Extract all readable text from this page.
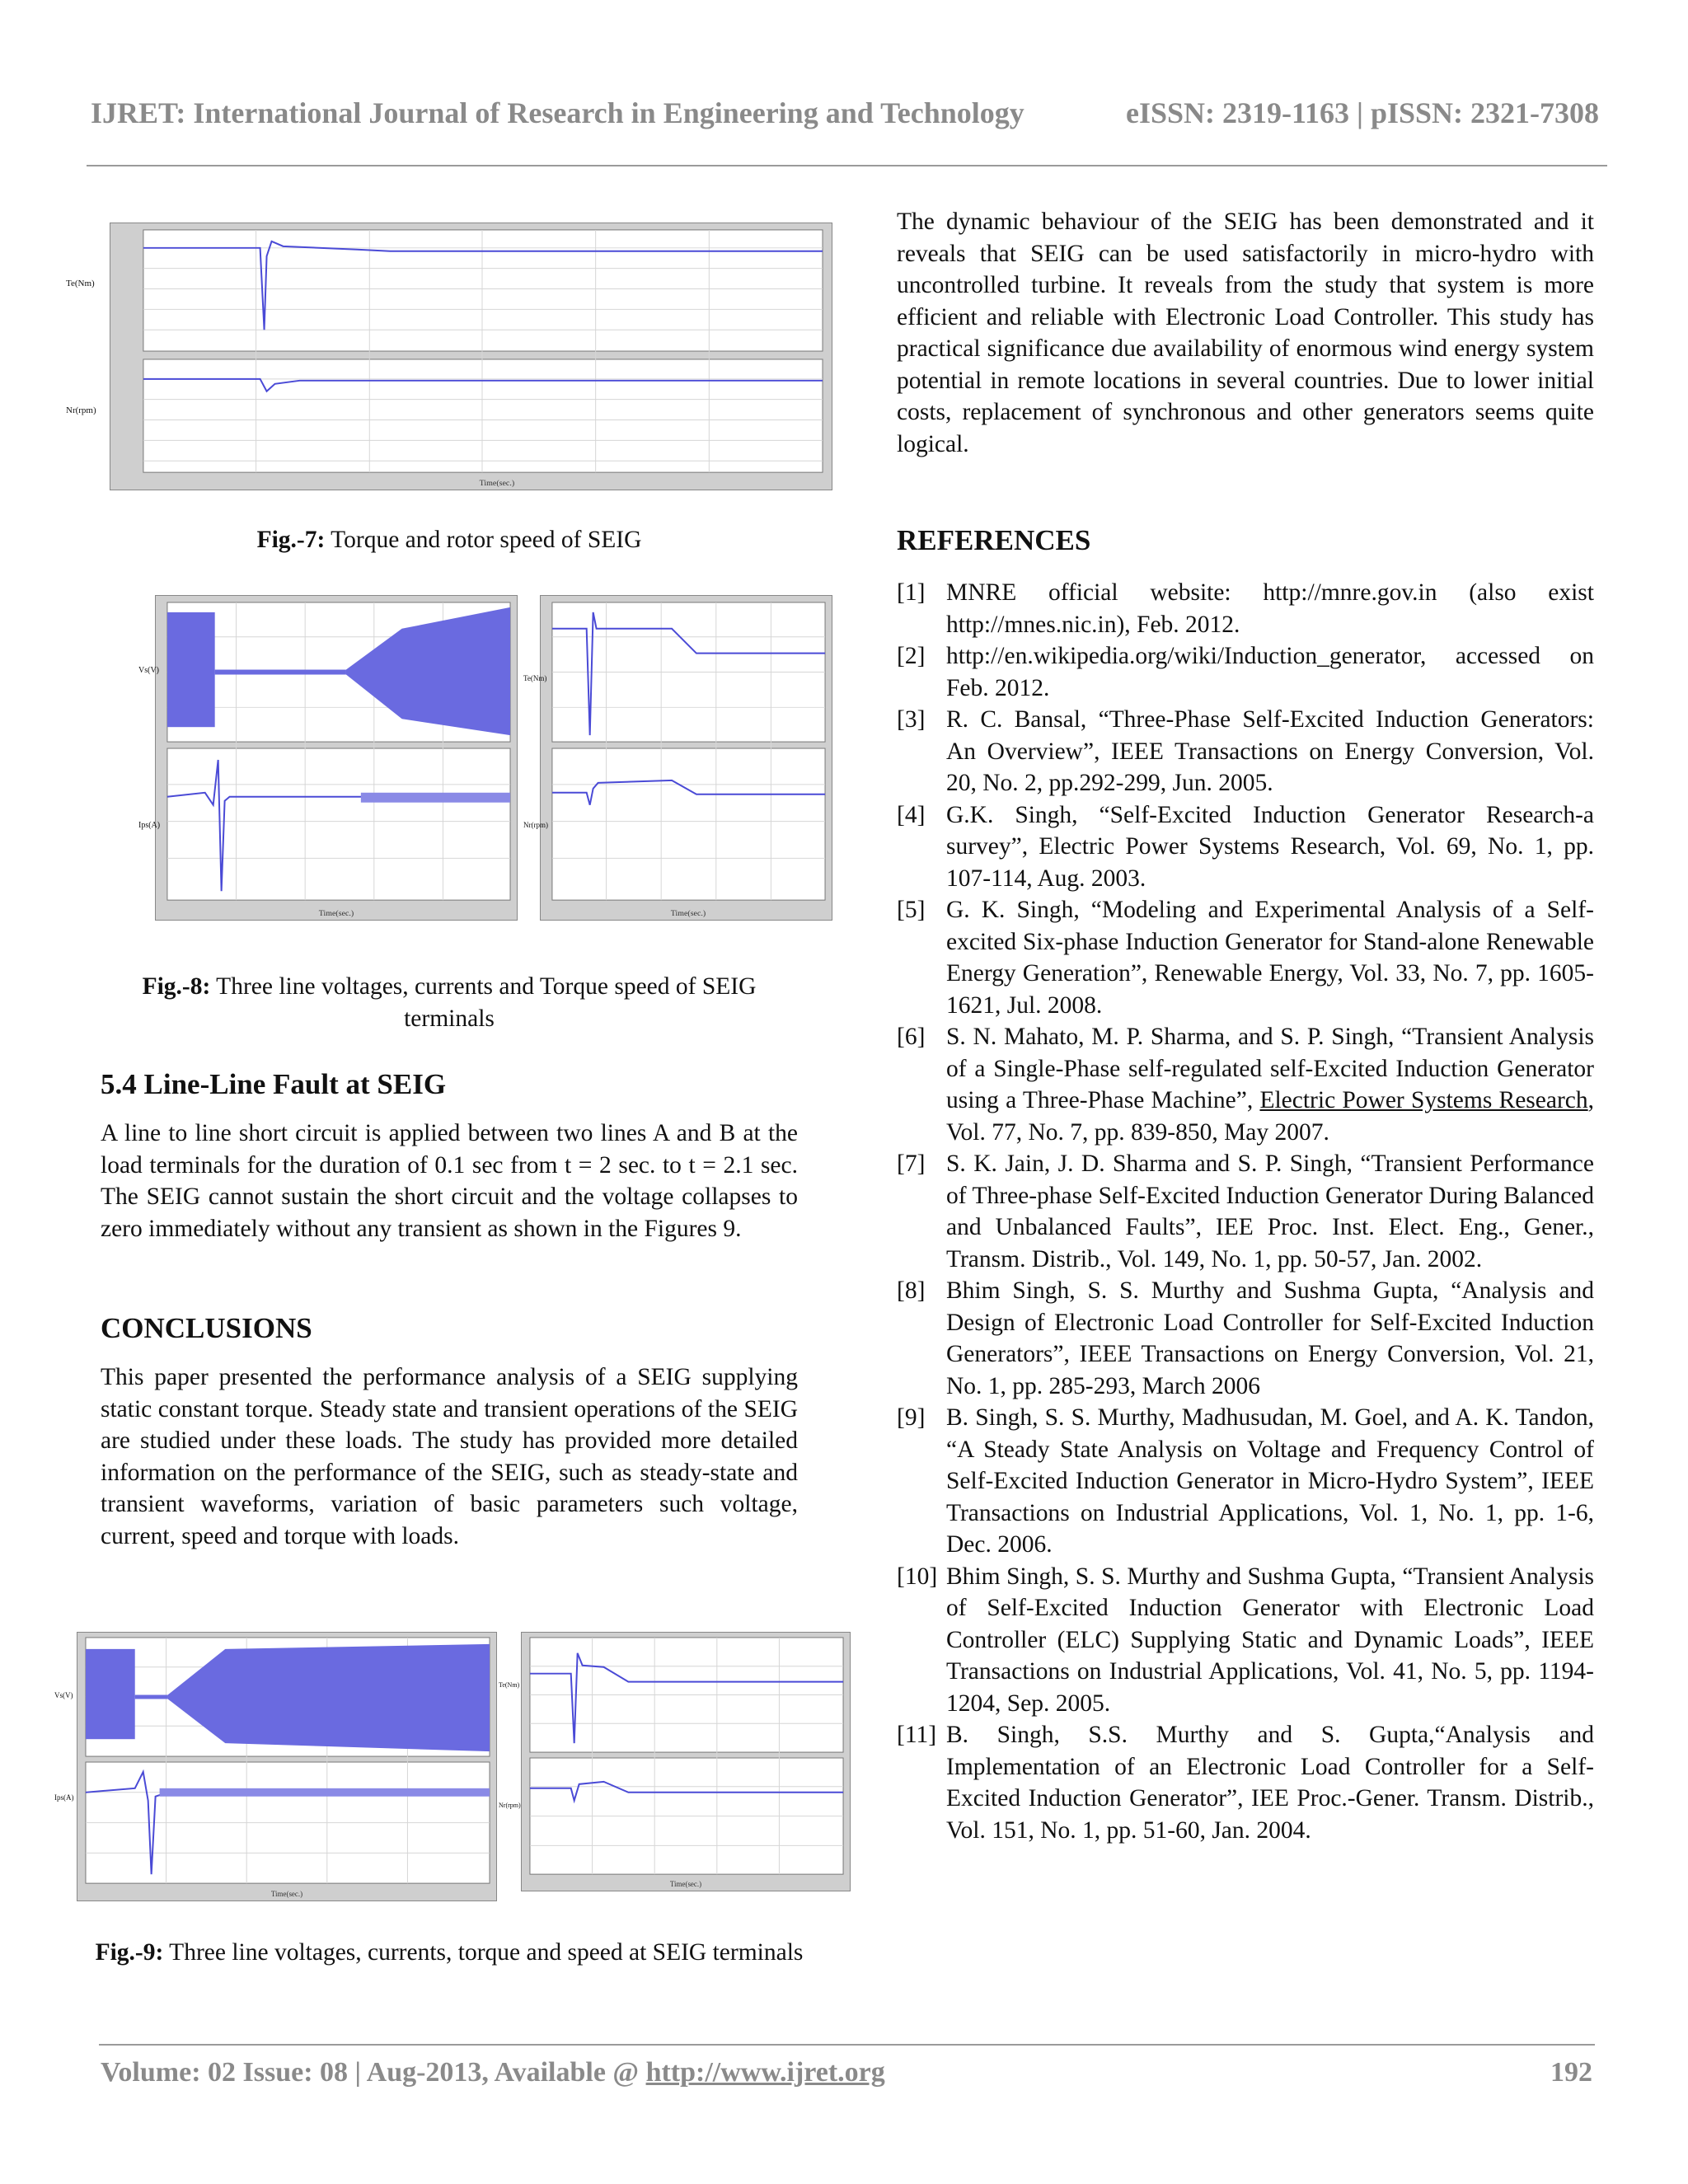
IJRET: International Journal of Research in Engineering and Technology	eISSN: 2319-1163 | pISSN: 2321-7308
Time(sec.)
Te(Nm)
Nr(rpm)
Fig.-7: Torque and rotor speed of SEIG
Time(sec.)	Time(sec.)
Vs(V)
Ips(A)
Te(Nm)
Nr(rpm)
Fig.-8: Three line voltages, currents and Torque speed of SEIG terminals
5.4 Line-Line Fault at SEIG
A line to line short circuit is applied between two lines A and B at the load terminals for the duration of 0.1 sec from t = 2 sec. to t = 2.1 sec. The SEIG cannot sustain the short circuit and the voltage collapses to zero immediately without any transient as shown in the Figures 9.
CONCLUSIONS
This paper presented the performance analysis of a SEIG supplying static constant torque. Steady state and transient operations of the SEIG are studied under these loads. The study has provided more detailed information on the performance of the SEIG, such as steady-state and transient waveforms, variation of basic parameters such voltage, current, speed and torque with loads.
Time(sec.)
Time(sec.)
Vs(V)
Ips(A)
Te(Nm)
Nr(rpm)
Fig.-9: Three line voltages, currents, torque and speed at SEIG terminals
The dynamic behaviour of the SEIG has been demonstrated and it reveals that SEIG can be used satisfactorily in micro-hydro with uncontrolled turbine. It reveals from the study that system is more efficient and reliable with Electronic Load Controller. This study has practical significance due availability of enormous wind energy system potential in remote locations in several countries. Due to lower initial costs, replacement of synchronous and other generators seems quite logical.
REFERENCES
[1] MNRE official website: http://mnre.gov.in (also exist http://mnes.nic.in), Feb. 2012.
[2] http://en.wikipedia.org/wiki/Induction_generator, accessed on Feb. 2012.
[3] R. C. Bansal, “Three-Phase Self-Excited Induction Generators: An Overview”, IEEE Transactions on Energy Conversion, Vol. 20, No. 2, pp.292-299, Jun. 2005.
[4] G.K. Singh, “Self-Excited Induction Generator Research-a survey”, Electric Power Systems Research, Vol. 69, No. 1, pp. 107-114, Aug. 2003.
[5] G. K. Singh, “Modeling and Experimental Analysis of a Self-excited Six-phase Induction Generator for Stand-alone Renewable Energy Generation”, Renewable Energy, Vol. 33, No. 7, pp. 1605-1621, Jul. 2008.
[6] S. N. Mahato, M. P. Sharma, and S. P. Singh, “Transient Analysis of a Single-Phase self-regulated self-Excited Induction Generator using a Three-Phase Machine”, Electric Power Systems Research, Vol. 77, No. 7, pp. 839-850, May 2007.
[7] S. K. Jain, J. D. Sharma and S. P. Singh, “Transient Performance of Three-phase Self-Excited Induction Generator During Balanced and Unbalanced Faults”, IEE Proc. Inst. Elect. Eng., Gener., Transm. Distrib., Vol. 149, No. 1, pp. 50-57, Jan. 2002.
[8] Bhim Singh, S. S. Murthy and Sushma Gupta, “Analysis and Design of Electronic Load Controller for Self-Excited Induction Generators”, IEEE Transactions on Energy Conversion, Vol. 21, No. 1, pp. 285-293, March 2006
[9] B. Singh, S. S. Murthy, Madhusudan, M. Goel, and A. K. Tandon, “A Steady State Analysis on Voltage and Frequency Control of Self-Excited Induction Generator in Micro-Hydro System”, IEEE Transactions on Industrial Applications, Vol. 1, No. 1, pp. 1-6, Dec. 2006.
[10] Bhim Singh, S. S. Murthy and Sushma Gupta, “Transient Analysis of Self-Excited Induction Generator with Electronic Load Controller (ELC) Supplying Static and Dynamic Loads”, IEEE Transactions on Industrial Applications, Vol. 41, No. 5, pp. 1194-1204, Sep. 2005.
[11] B. Singh, S.S. Murthy and S. Gupta,“Analysis and Implementation of an Electronic Load Controller for a Self-Excited Induction Generator”, IEE Proc.-Gener. Transm. Distrib., Vol. 151, No. 1, pp. 51-60, Jan. 2004.
Volume: 02 Issue: 08 | Aug-2013, Available @ http://www.ijret.org	192
